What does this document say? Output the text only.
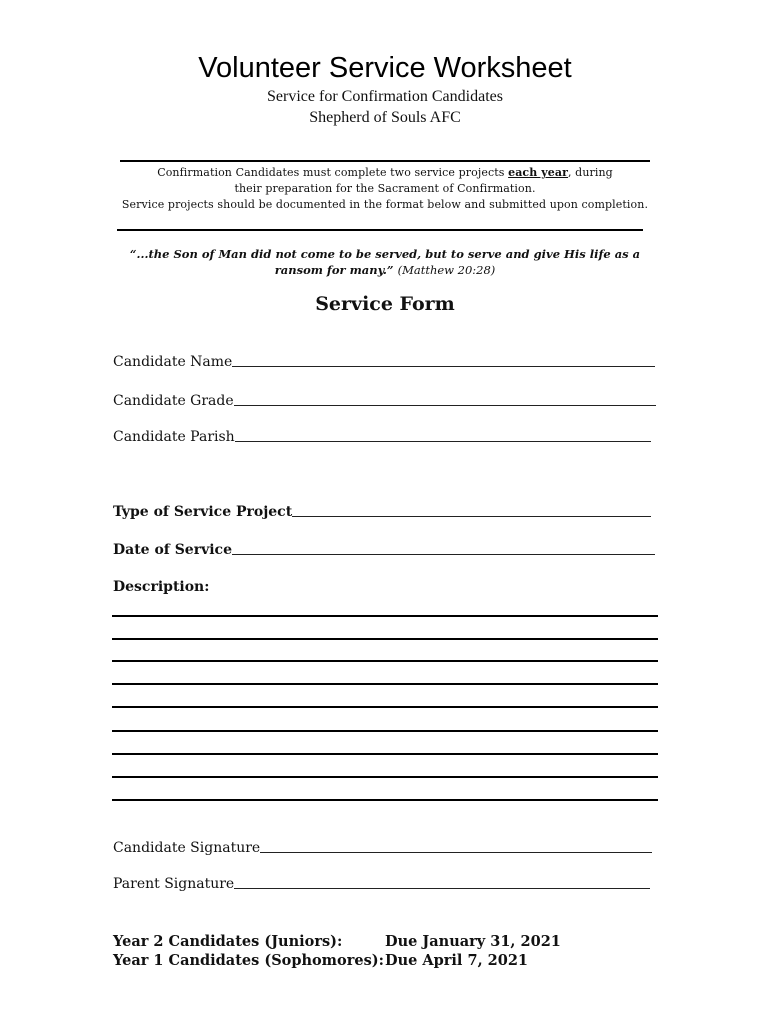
Volunteer Service Worksheet
Service for Confirmation Candidates
Shepherd of Souls AFC
Confirmation Candidates must complete two service projects each year, during
their preparation for the Sacrament of Confirmation.
Service projects should be documented in the format below and submitted upon completion.
“...the Son of Man did not come to be served, but to serve and give His life as a
ransom for many.” (Matthew 20:28)
Service Form
Candidate Name
Candidate Grade
Candidate Parish
Type of Service Project
Date of Service
Description:
Candidate Signature
Parent Signature
Year 2 Candidates (Juniors):	Due January 31, 2021
Year 1 Candidates (Sophomores): Due April 7, 2021
